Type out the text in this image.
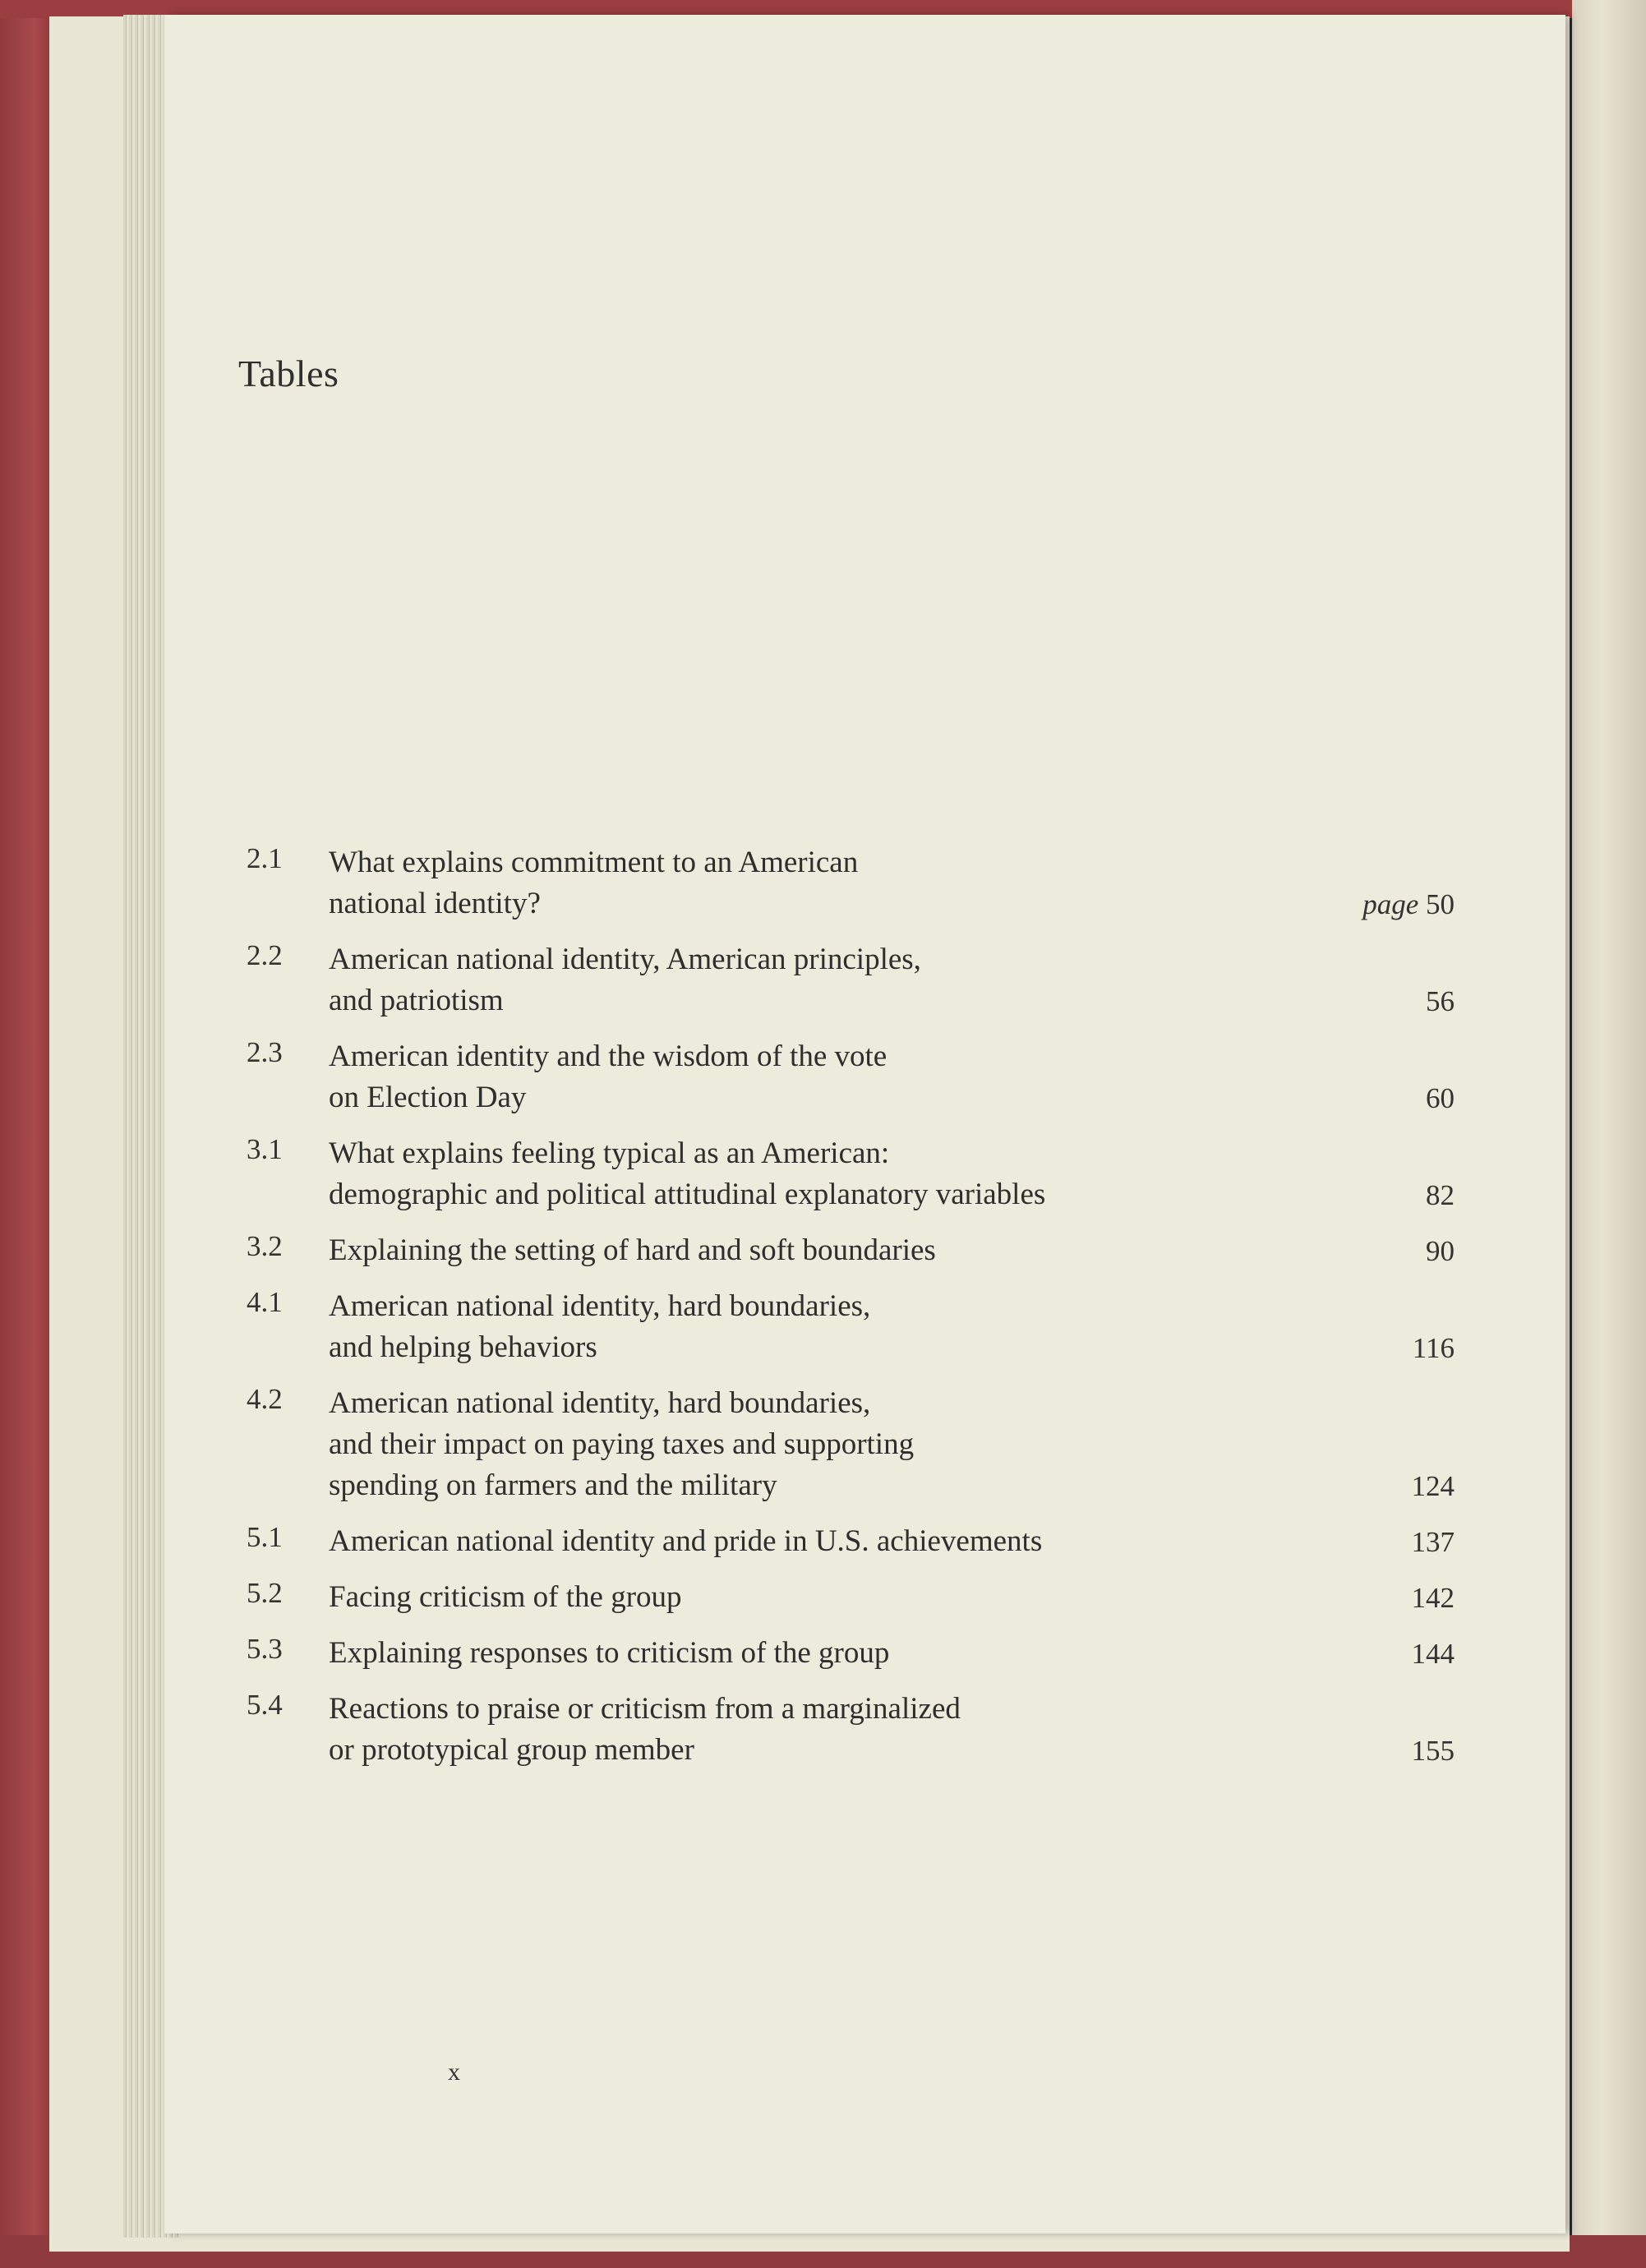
Tables
2.1 What explains commitment to an American
national identity?	page 50
2.2 American national identity, American principles,
and patriotism	56
2.3 American identity and the wisdom of the vote
on Election Day	60
3.1 What explains feeling typical as an American:
demographic and political attitudinal explanatory variables	82
3.2 Explaining the setting of hard and soft boundaries	90
4.1 American national identity, hard boundaries,
and helping behaviors	116
4.2 American national identity, hard boundaries,
and their impact on paying taxes and supporting
spending on farmers and the military	124
5.1 American national identity and pride in U.S. achievements	137
5.2 Facing criticism of the group	142
5.3 Explaining responses to criticism of the group	144
5.4 Reactions to praise or criticism from a marginalized
or prototypical group member	155
x
